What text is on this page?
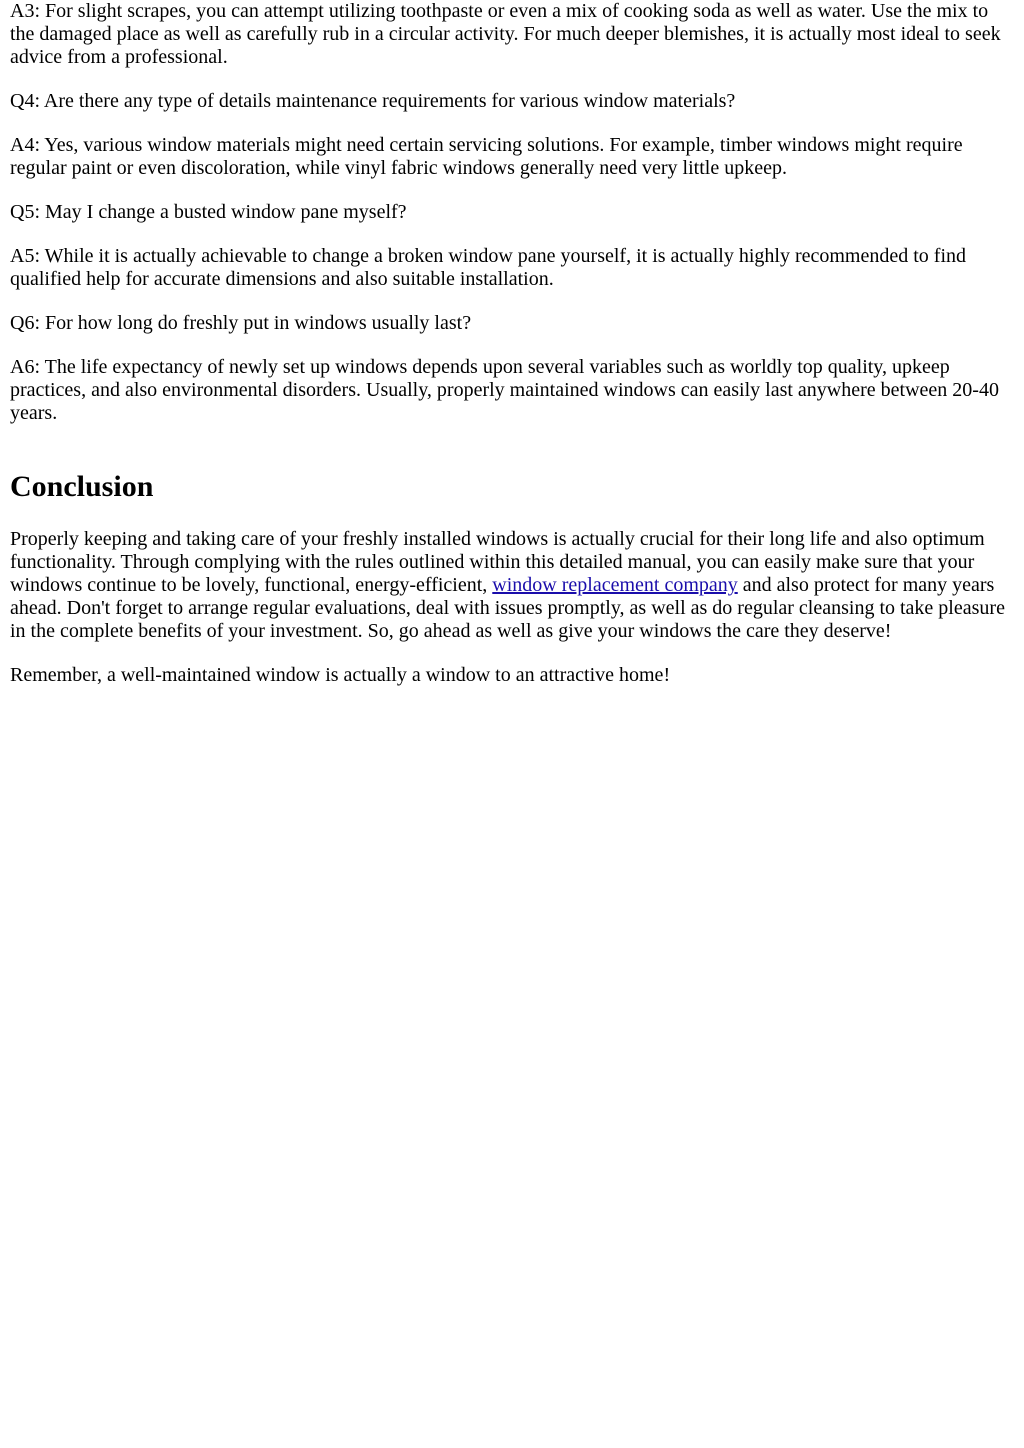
A3: For slight scrapes, you can attempt utilizing toothpaste or even a mix of cooking soda as well as water. Use the mix to the damaged place as well as carefully rub in a circular activity. For much deeper blemishes, it is actually most ideal to seek advice from a professional.

Q4: Are there any type of details maintenance requirements for various window materials?

A4: Yes, various window materials might need certain servicing solutions. For example, timber windows might require regular paint or even discoloration, while vinyl fabric windows generally need very little upkeep.

Q5: May I change a busted window pane myself?

A5: While it is actually achievable to change a broken window pane yourself, it is actually highly recommended to find qualified help for accurate dimensions and also suitable installation.

Q6: For how long do freshly put in windows usually last?

A6: The life expectancy of newly set up windows depends upon several variables such as worldly top quality, upkeep practices, and also environmental disorders. Usually, properly maintained windows can easily last anywhere between 20-40 years.

Conclusion

Properly keeping and taking care of your freshly installed windows is actually crucial for their long life and also optimum functionality. Through complying with the rules outlined within this detailed manual, you can easily make sure that your windows continue to be lovely, functional, energy-efficient, window replacement company and also protect for many years ahead. Don't forget to arrange regular evaluations, deal with issues promptly, as well as do regular cleansing to take pleasure in the complete benefits of your investment. So, go ahead as well as give your windows the care they deserve!

Remember, a well-maintained window is actually a window to an attractive home!
